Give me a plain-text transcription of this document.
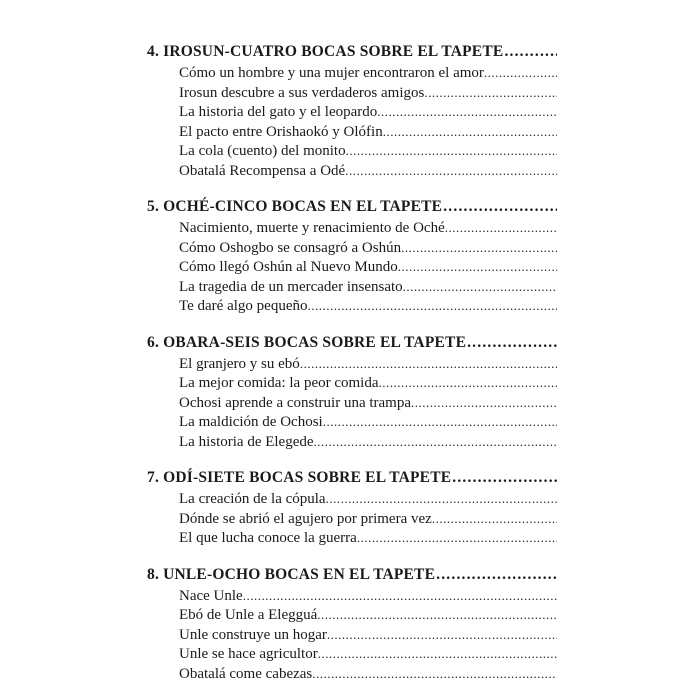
4. IROSUN-CUATRO BOCAS SOBRE EL TAPETE
.....
Cómo un hombre y una mujer encontraron el amor
.....
Irosun descubre a sus verdaderos amigos
.....
La historia del gato y el leopardo
.....
El pacto entre Orishaokó y Olófin
.....
La cola (cuento) del monito
.....
Obatalá Recompensa a Odé
.....
5. OCHÉ-CINCO BOCAS EN EL TAPETE
.....
Nacimiento, muerte y renacimiento de Oché
.....
Cómo Oshogbo se consagró a Oshún
.....
Cómo llegó Oshún al Nuevo Mundo
.....
La tragedia de un mercader insensato
.....
Te daré algo pequeño
.....
6. OBARA-SEIS BOCAS SOBRE EL TAPETE
.....
El granjero y su ebó
.....
La mejor comida: la peor comida
.....
Ochosi aprende a construir una trampa
.....
La maldición de Ochosi
.....
La historia de Elegede
.....
7. ODÍ-SIETE BOCAS SOBRE EL TAPETE
.....
La creación de la cópula
.....
Dónde se abrió el agujero por primera vez
.....
El que lucha conoce la guerra
.....
8. UNLE-OCHO BOCAS EN EL TAPETE
.....
Nace Unle
.....
Ebó de Unle a Elegguá
.....
Unle construye un hogar
.....
Unle se hace agricultor
.....
Obatalá come cabezas
.....
